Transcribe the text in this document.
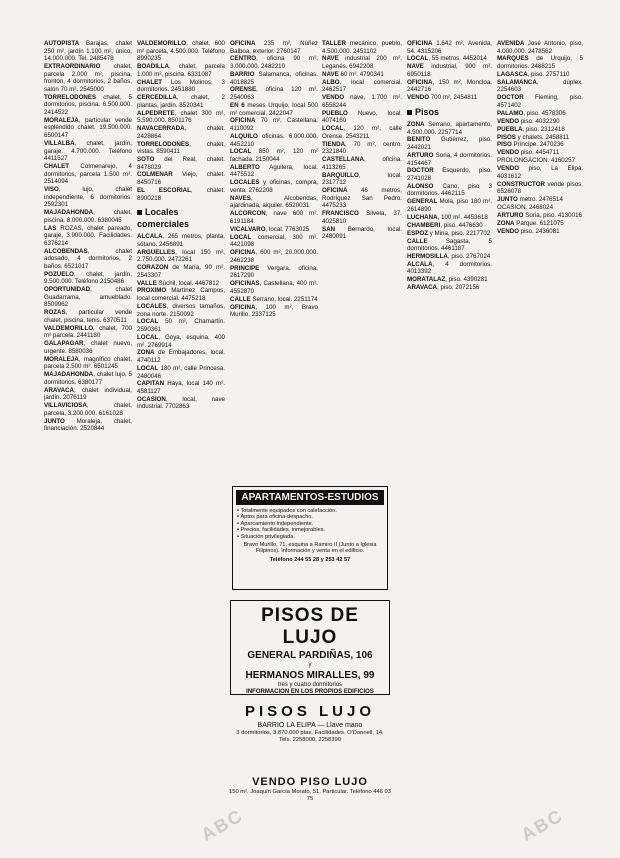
AUTOPISTA Barajas, chalet 250 m², jardín 1.100 m², único, 14.000.000. Tel. 2485478

EXTRAORDINARIO chalet, parcela 2.000 m², piscina, frontón, 4 dormitorios, 2 baños, salón 70 m². 2545000

TORRELODONES chalet, 5 dormitorios, piscina. 6.500.000. 2414522

MORALEJA, particular vende espléndido chalet. 19.500.000. 6500147

VILLALBA, chalet, jardín, garaje. 4.700.000. Teléfono 4411527

CHALET Colmenarejo, 4 dormitorios, parcela 1.500 m². 2514094

VISO, lujo, chalet independiente, 6 dormitorios. 2592301

MAJADAHONDA, chalet, piscina. 8.000.000. 6380045

LAS ROZAS, chalet pareado, garaje, 3.900.000. Facilidades. 6376214

ALCOBENDAS, chalet adosado, 4 dormitorios, 2 baños. 6521017

POZUELO, chalet, jardín, 9.500.000. Teléfono 2150486

OPORTUNIDAD, chalet Guadarrama, amueblado. 8509962

ROZAS, particular vende chalet, piscina, tenis. 6370511

VALDEMORILLO, chalet, 700 m² parcela. 2441180

GALAPAGAR, chalet nuevo, urgente. 8580036

MORALEJA, magnífico chalet, parcela 2.500 m². 6501245

MAJADAHONDA, chalet lujo, 5 dormitorios. 6380177

ARAVACA, chalet individual, jardín. 2076119

VILLAVICIOSA, chalet, parcela, 3.200.000. 6161028

JUNTO Moraleja, chalet, financiación. 2520844

VALDEMORILLO, chalet, 600 m² parcela, 4.500.000. Teléfono 8990235

BOADILLA, chalet, parcela 1.000 m², piscina. 6331087

CHALET Los Molinos, 3 dormitorios. 2451880

CERCEDILLA, chalet, 2 plantas, jardín. 8520341

ALPEDRETE, chalet 300 m², 5.590.000. 8501176

NAVACERRADA, chalet. 2428864

TORRELODONES, chalet, vistas. 8590411

SOTO del Real, chalet. 8476029

COLMENAR Viejo, chalet. 8450716

EL ESCORIAL, chalet. 8900218

Locales comerciales

ALCALA, 265 metros, planta, sótano. 2456891

ARGUELLES, local 150 m², 2.750.000. 2472261

CORAZON de María, 90 m². 2543307

VALLE Súchil, local. 4467812

PROXIMO Martínez Campos, local comercial. 4475218

LOCALES, diversos tamaños, zona norte. 2150092

LOCAL 50 m², Chamartín. 2590361

LOCAL, Goya, esquina, 400 m². 2769914

ZONA de Embajadores, local. 4740112

LOCAL 180 m², calle Princesa. 2480046

CAPITAN Haya, local 140 m². 4581127

OCASION, local, nave industrial. 7702863

OFICINA 235 m², Núñez Balboa, exterior. 2760147

CENTRO, oficina 90 m², 3.000.000. 2482210

BARRIO Salamanca, oficinas. 4018825

ORENSE, oficina 120 m². 2540063

EN 6 meses Urquijo, local 500 m² comercial. 2422047

OFICINA 70 m², Castellana. 4110092

ALQUILO oficinas. 6.000.000. 4452210

LOCAL 850 m², 120 m² fachada. 2150044

ALBERTO Aguilera, local. 4475512

LOCALES y oficinas, compra, venta. 2762208

NAVES, Alcobendas, ajardinada, alquiler. 6520031

ALCORCON, nave 600 m². 6191184

VICALVARO, local. 7763025

LOCAL comercial, 300 m². 4421098

OFICINA, 600 m², 20.000.000. 2462238

PRINCIPE Vergara, oficina. 2617290

OFICINAS, Castellana, 400 m². 4552870

CALLE Serrano, local. 2251174

OFICINA, 100 m², Bravo Murillo. 2337125

TALLER mecánico, pueblo, 4.500.000. 2451102

NAVE industrial 200 m², Leganés. 6942208

NAVE 60 m². 4790341

ALBO, local comercial. 2462517

VENDO nave, 1.700 m². 6558244

PUEBLO Nuevo, local. 4074160

LOCAL, 120 m², calle Orense. 2543211

TIENDA, 70 m², centro. 2321840

CASTELLANA, oficina. 4113265

BARQUILLO, local. 2317712

OFICINA 46 metros, Rodríguez San Pedro. 4475233

FRANCISCO Silvela, 37. 4025810

SAN Bernardo, local. 2480091

OFICINA 1.642 m², Avenida, 54. 4315206

LOCAL, 55 metros. 4452014

NAVE industrial, 900 m². 6950118

OFICINA, 150 m², Moncloa. 2442716

VENDO 700 m², 2454811

Pisos

ZONA Serrano, apartamento, 4.500.000. 2257714

BENITO Gutiérrez, piso. 2442021

ARTURO Soria, 4 dormitorios. 4154467

DOCTOR Esquerdo, piso. 2741028

ALONSO Cano, piso 3 dormitorios. 4462115

GENERAL Mola, piso 180 m². 2614890

LUCHANA, 100 m². 4453618

CHAMBERI, piso. 4476630

ESPOZ y Mina, piso. 2217702

CALLE Sagasta, 5 dormitorios. 4461187

HERMOSILLA, piso. 2767024

ALCALA, 4 dormitorios. 4013392

MORATALAZ, piso. 4390281

ARAVACA, piso. 2072156

AVENIDA José Antonio, piso, 4.000.000. 2478562

MARQUES de Urquijo, 5 dormitorios. 2488215

LAGASCA, piso. 2757110

SALAMANCA, dúplex. 2254603

DOCTOR Fleming, piso. 4571402

PALAMO, piso. 4578306

VENDO piso. 4032290

PUEBLA, piso. 2312418

PISOS y chalets. 2458811

PISO Príncipe. 2470236

VENDO piso. 4454711

PROLONGACION. 4160257

VENDO piso, La Elipa. 4031612

CONSTRUCTOR vende pisos. 6526078

JUNTO metro. 2476514

OCASION. 2468024

ARTURO Soria, piso. 4130016

ZONA Parque. 6121075

VENDO piso. 2436081

APARTAMENTOS-ESTUDIOS
• Totalmente equipados con calefacción.
• Aptos para oficina-despacho.
• Aparcamiento independiente.
• Precios, facilidades, inmejorables.
• Situación privilegiada.
Bravo Murillo, 71, esquina a Ramiro II (Junto a Iglesia Filipinos). Información y venta en el edificio.
Teléfono 244 55 28 y 253 42 57
PISOS DE LUJO
GENERAL PARDIÑAS, 106
y
HERMANOS MIRALLES, 99
tres y cuatro dormitorios
INFORMACION EN LOS PROPIOS EDIFICIOS
PISOS LUJO
BARRIO LA ELIPA — Llave mano
3 dormitorios, 3.870.000 ptas. Facilidades. O'Donnell, 14. Tels. 2258000, 2258390
VENDO PISO LUJO
150 m². Joaquín García Morato, 51. Particular. Teléfono 446 03 75
ABC	ABC
